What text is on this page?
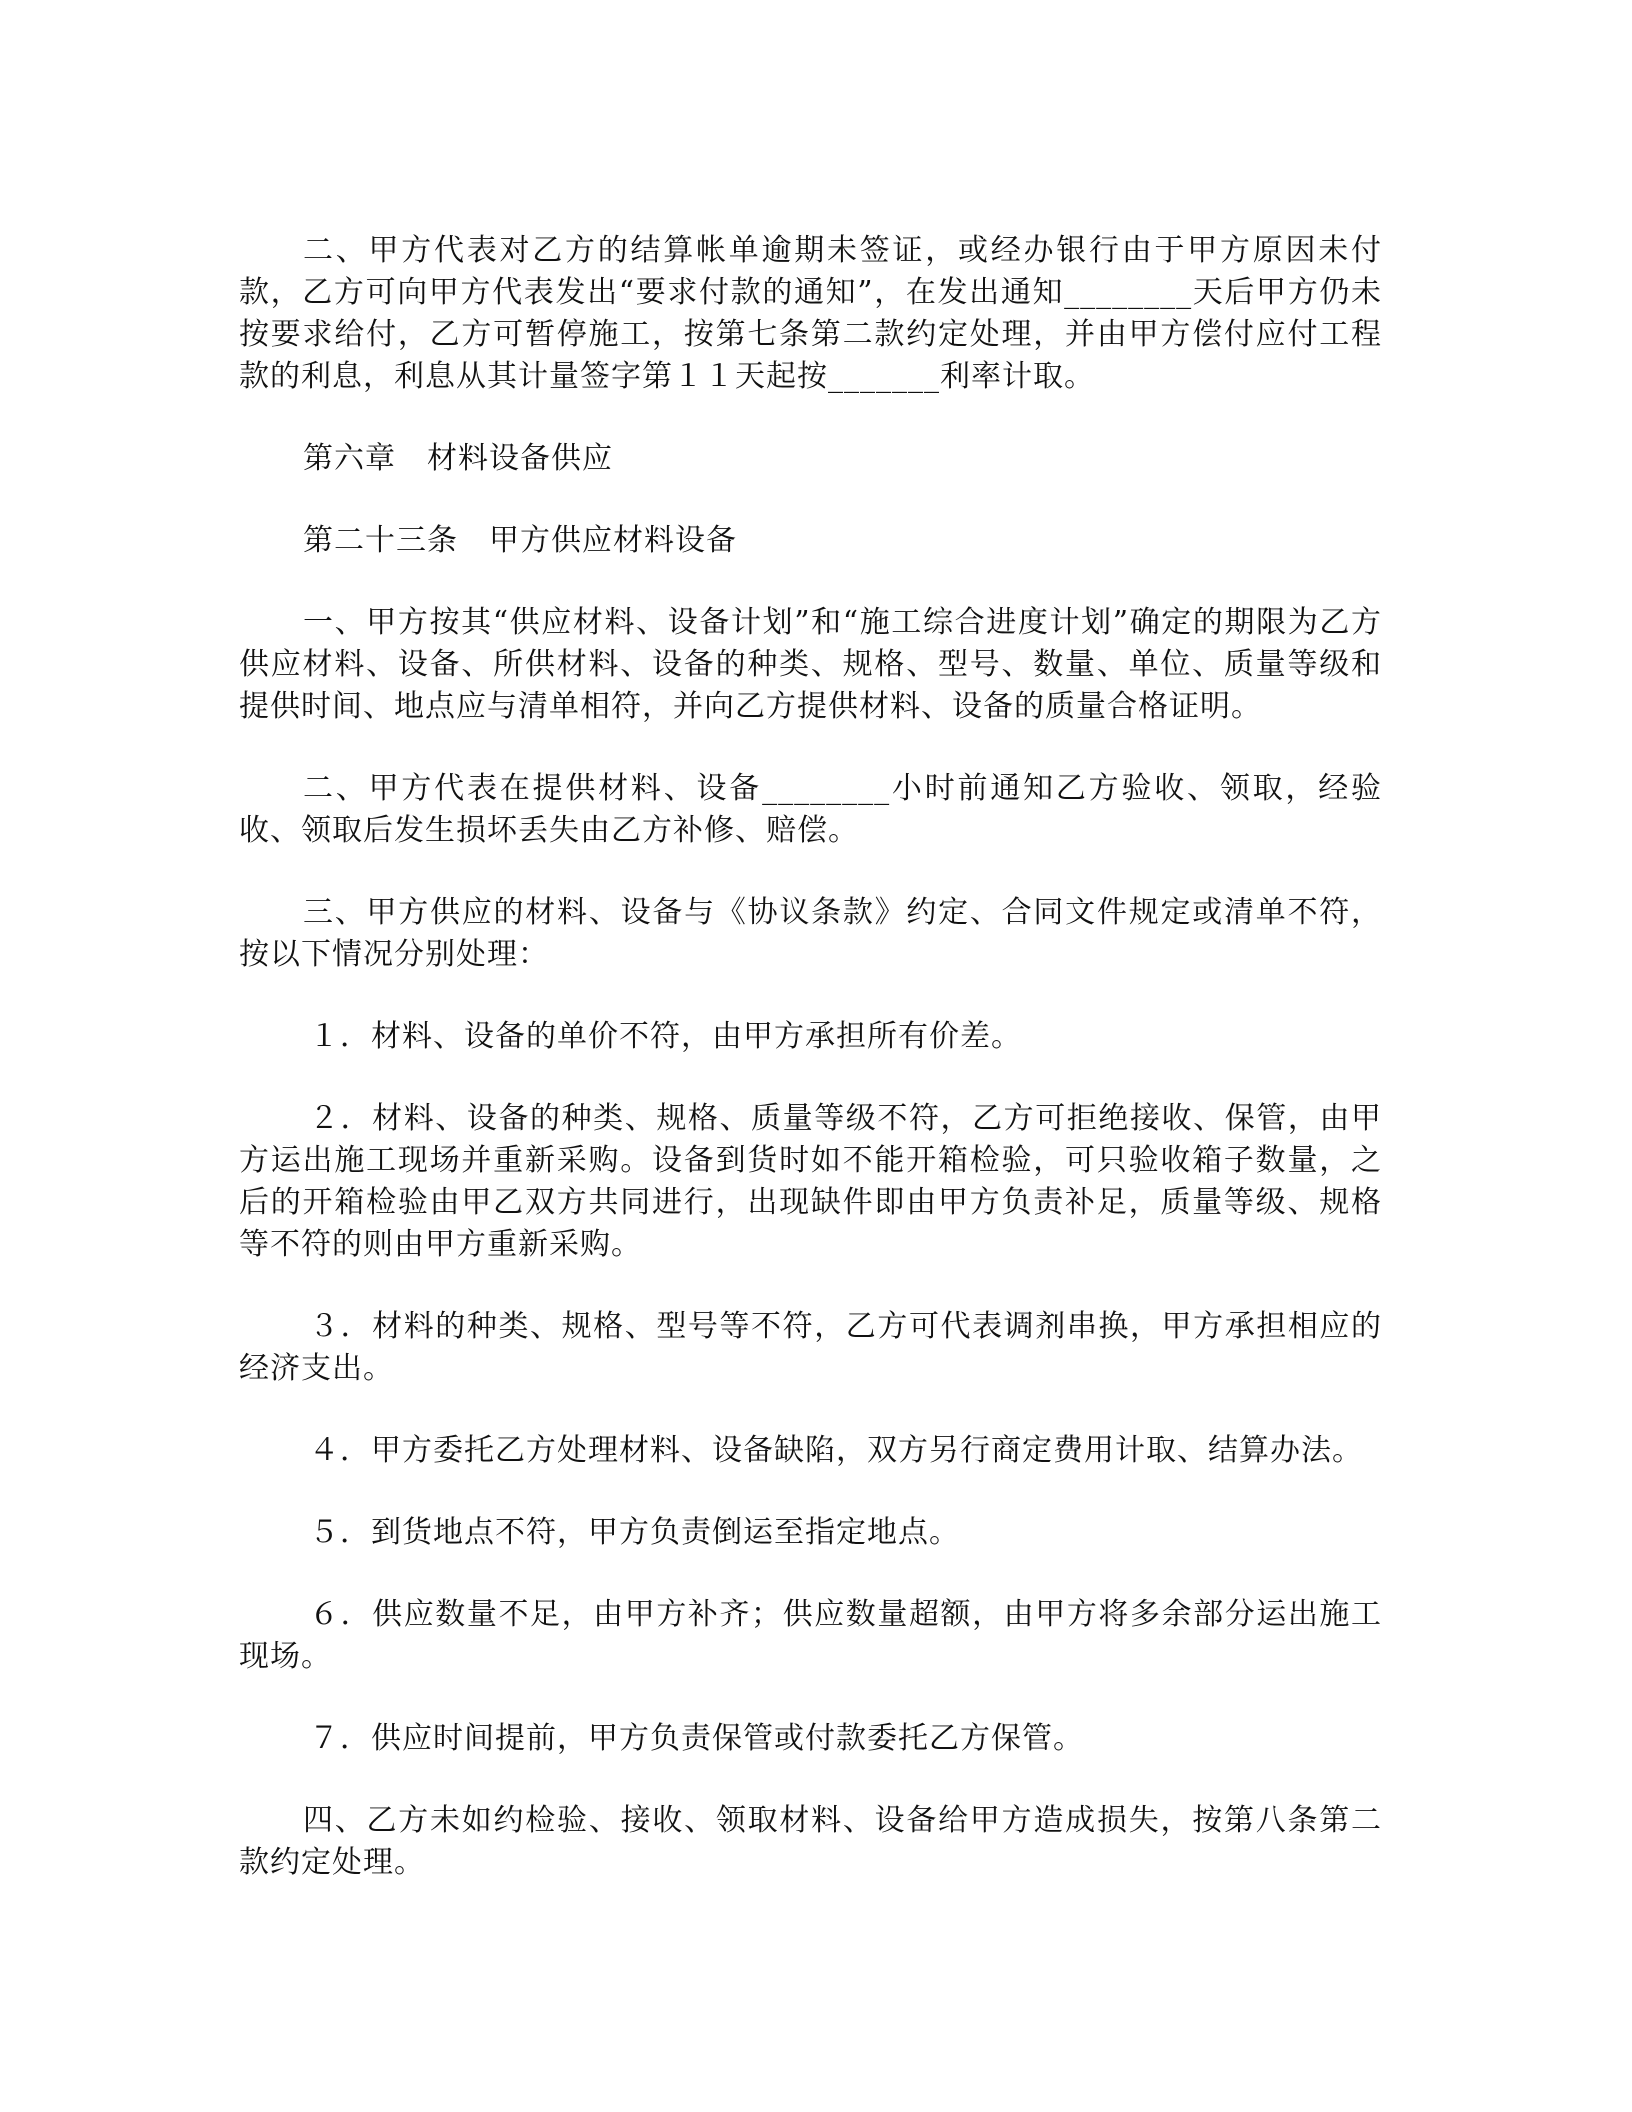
二、甲方代表对乙方的结算帐单逾期未签证，或经办银行由于甲方原因未付款，乙方可向甲方代表发出“要求付款的通知”，在发出通知________天后甲方仍未按要求给付，乙方可暂停施工，按第七条第二款约定处理，并由甲方偿付应付工程款的利息，利息从其计量签字第１１天起按_______利率计取。

第六章　材料设备供应

第二十三条　甲方供应材料设备

一、甲方按其“供应材料、设备计划”和“施工综合进度计划”确定的期限为乙方供应材料、设备、所供材料、设备的种类、规格、型号、数量、单位、质量等级和提供时间、地点应与清单相符，并向乙方提供材料、设备的质量合格证明。

二、甲方代表在提供材料、设备________小时前通知乙方验收、领取，经验收、领取后发生损坏丢失由乙方补修、赔偿。

三、甲方供应的材料、设备与《协议条款》约定、合同文件规定或清单不符，按以下情况分别处理：

１．材料、设备的单价不符，由甲方承担所有价差。

２．材料、设备的种类、规格、质量等级不符，乙方可拒绝接收、保管，由甲方运出施工现场并重新采购。设备到货时如不能开箱检验，可只验收箱子数量，之后的开箱检验由甲乙双方共同进行，出现缺件即由甲方负责补足，质量等级、规格等不符的则由甲方重新采购。

３．材料的种类、规格、型号等不符，乙方可代表调剂串换，甲方承担相应的经济支出。

４．甲方委托乙方处理材料、设备缺陷，双方另行商定费用计取、结算办法。

５．到货地点不符，甲方负责倒运至指定地点。

６．供应数量不足，由甲方补齐；供应数量超额，由甲方将多余部分运出施工现场。

７．供应时间提前，甲方负责保管或付款委托乙方保管。

四、乙方未如约检验、接收、领取材料、设备给甲方造成损失，按第八条第二款约定处理。
